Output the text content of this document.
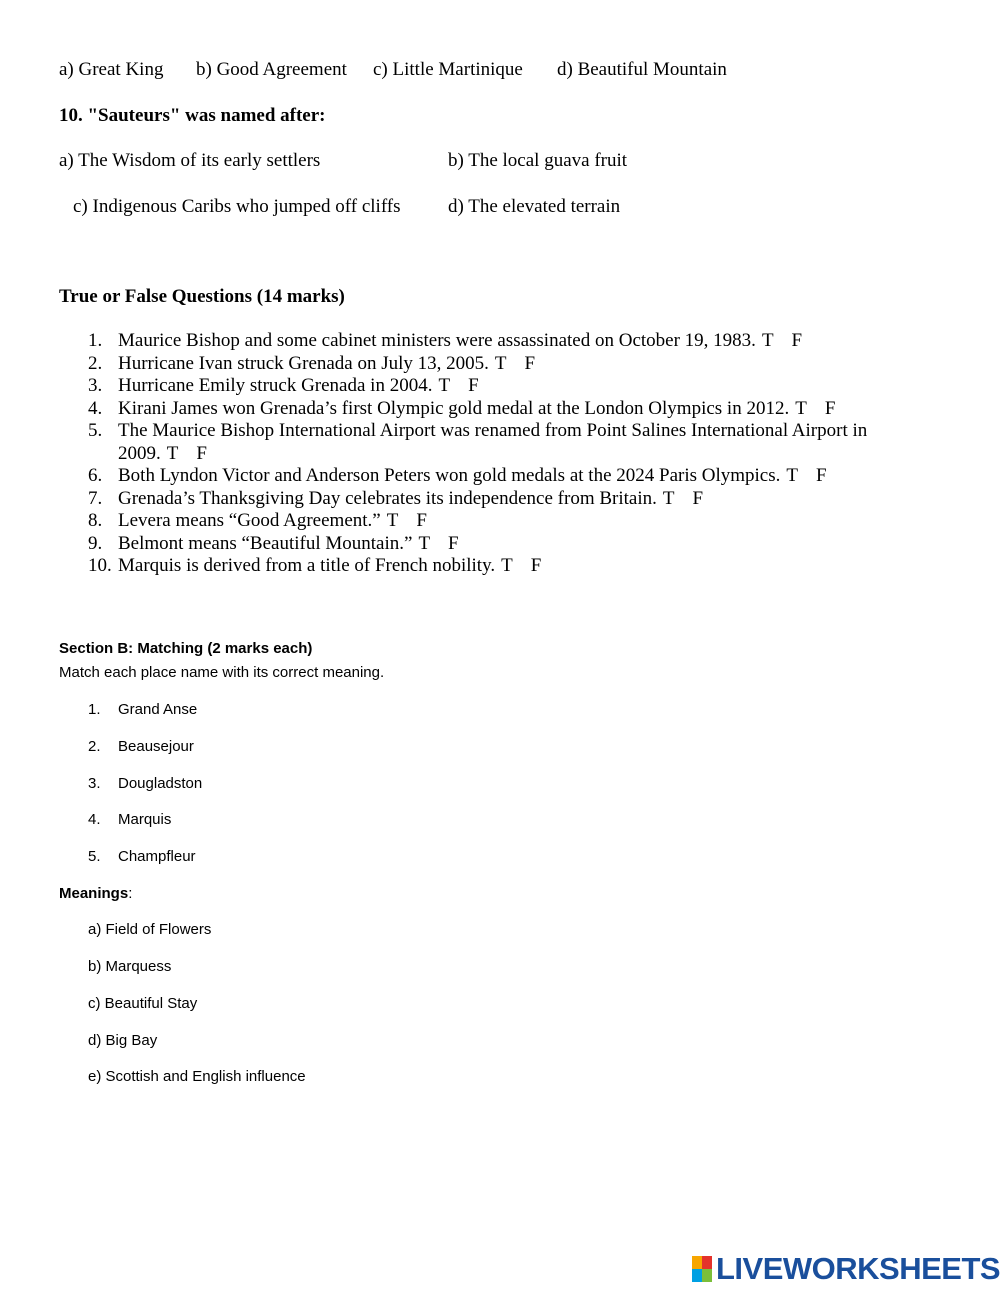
a) Great King b) Good Agreement c) Little Martinique d) Beautiful Mountain
10. "Sauteurs" was named after:
a) The Wisdom of its early settlers	b) The local guava fruit
c) Indigenous Caribs who jumped off cliffs d) The elevated terrain
True or False Questions (14 marks)
1. Maurice Bishop and some cabinet ministers were assassinated on October 19, 1983. T F
2. Hurricane Ivan struck Grenada on July 13, 2005. T F
3. Hurricane Emily struck Grenada in 2004. T F
4. Kirani James won Grenada’s first Olympic gold medal at the London Olympics in 2012. T F
5. The Maurice Bishop International Airport was renamed from Point Salines International Airport in 2009. T F
6. Both Lyndon Victor and Anderson Peters won gold medals at the 2024 Paris Olympics. T F
7. Grenada’s Thanksgiving Day celebrates its independence from Britain. T F
8. Levera means “Good Agreement.” T F
9. Belmont means “Beautiful Mountain.” T F
10. Marquis is derived from a title of French nobility. T F
Section B: Matching (2 marks each)
Match each place name with its correct meaning.
1. Grand Anse
2. Beausejour
3. Dougladston
4. Marquis
5. Champfleur
Meanings:
a) Field of Flowers
b) Marquess
c) Beautiful Stay
d) Big Bay
e) Scottish and English influence
LIVEWORKSHEETS
